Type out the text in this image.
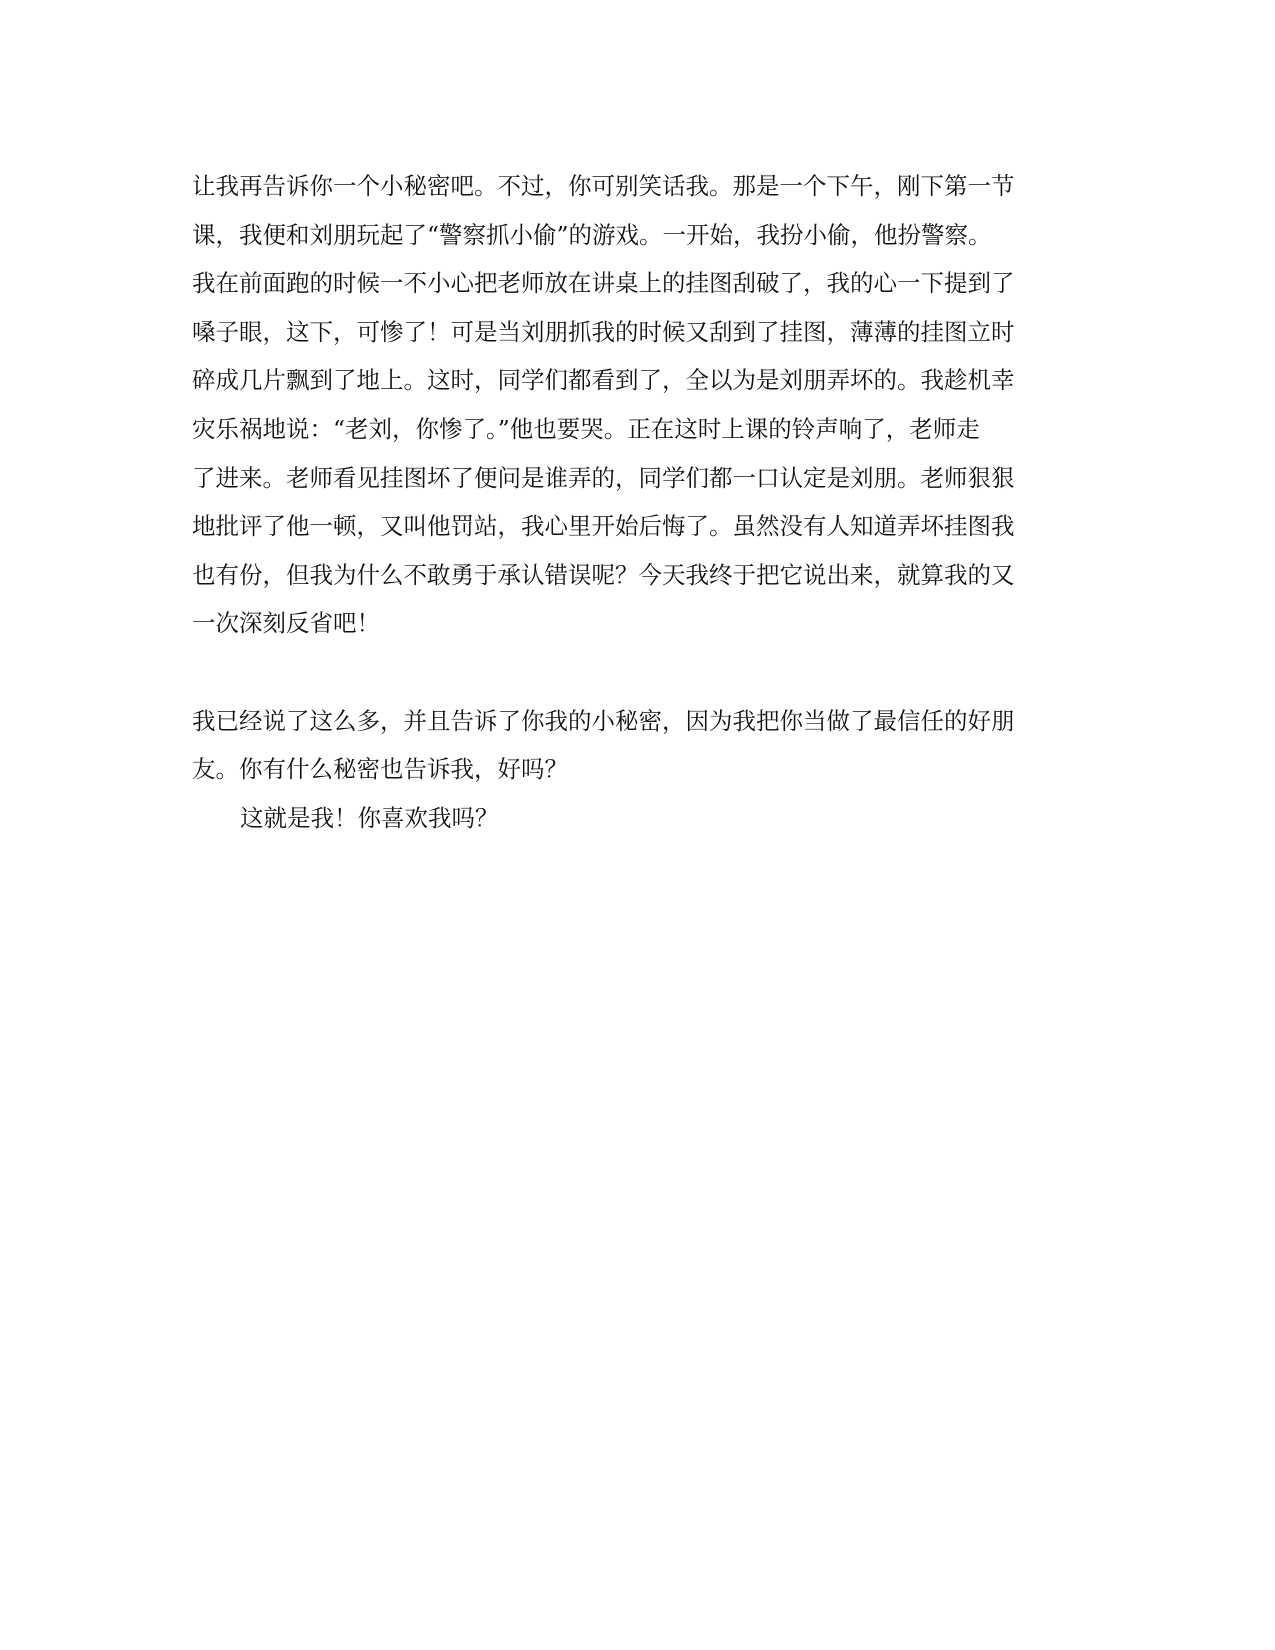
让我再告诉你一个小秘密吧。不过，你可别笑话我。那是一个下午，刚下第一节
课，我便和刘朋玩起了“警察抓小偷”的游戏。一开始，我扮小偷，他扮警察。
我在前面跑的时候一不小心把老师放在讲桌上的挂图刮破了，我的心一下提到了
嗓子眼，这下，可惨了！可是当刘朋抓我的时候又刮到了挂图，薄薄的挂图立时
碎成几片飘到了地上。这时，同学们都看到了，全以为是刘朋弄坏的。我趁机幸
灾乐祸地说：“老刘，你惨了。”他也要哭。正在这时上课的铃声响了，老师走
了进来。老师看见挂图坏了便问是谁弄的，同学们都一口认定是刘朋。老师狠狠
地批评了他一顿，又叫他罚站，我心里开始后悔了。虽然没有人知道弄坏挂图我
也有份，但我为什么不敢勇于承认错误呢？今天我终于把它说出来，就算我的又
一次深刻反省吧！
我已经说了这么多，并且告诉了你我的小秘密，因为我把你当做了最信任的好朋
友。你有什么秘密也告诉我，好吗？
这就是我！你喜欢我吗？
